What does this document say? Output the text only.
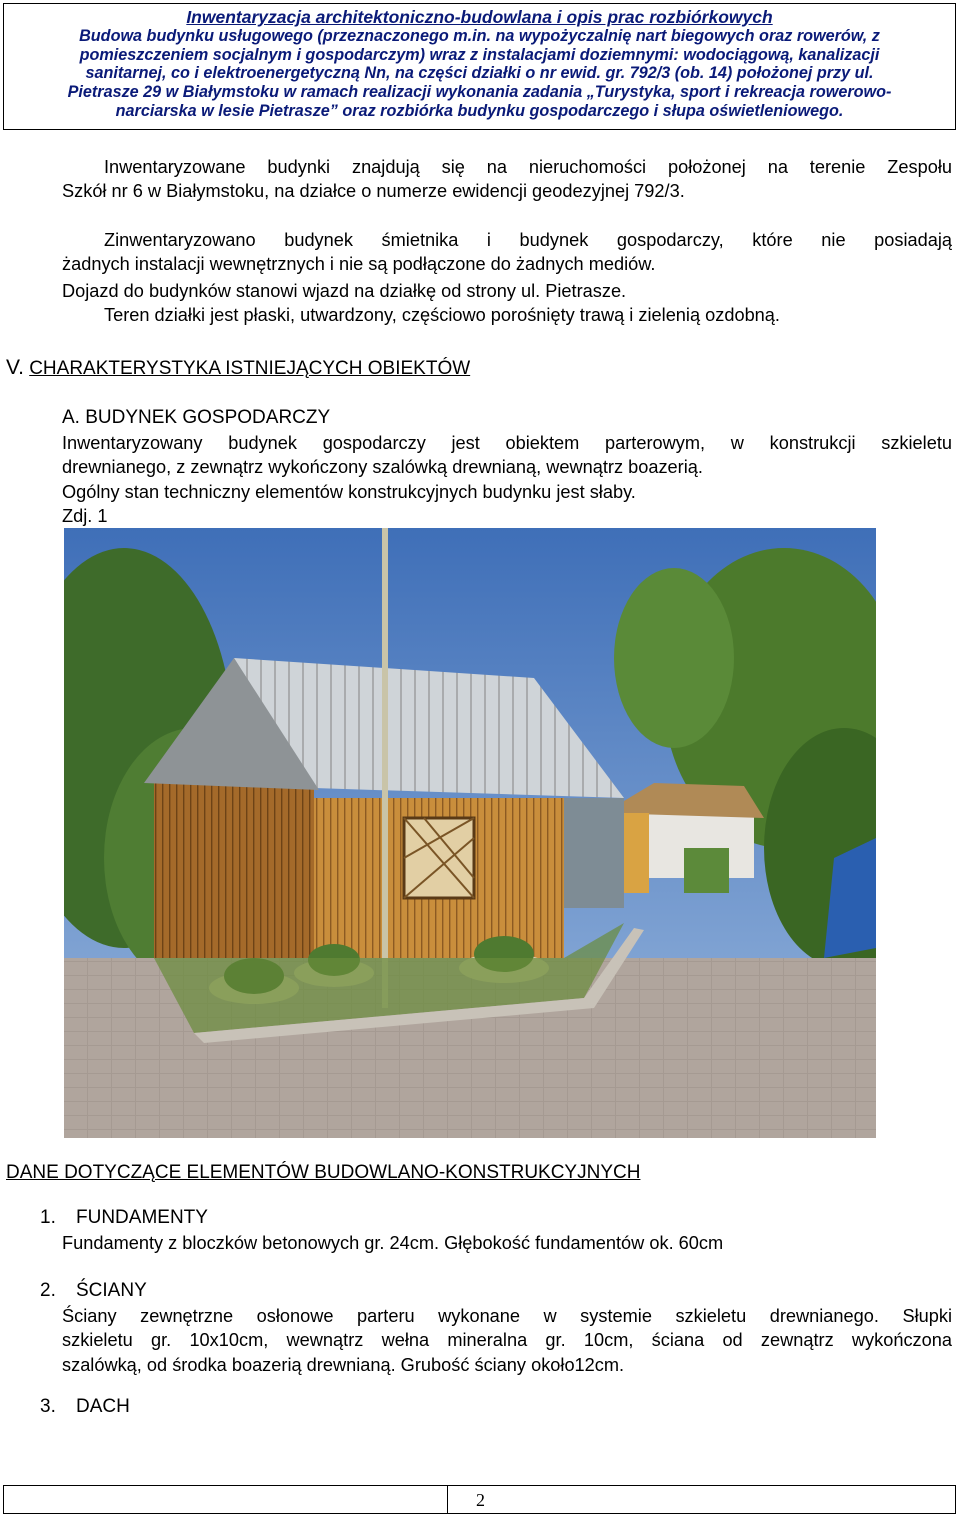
Inwentaryzacja architektoniczno-budowlana i opis prac rozbiórkowych
Budowa budynku usługowego (przeznaczonego m.in. na wypożyczalnię nart biegowych oraz rowerów, z
pomieszczeniem socjalnym i gospodarczym) wraz z instalacjami doziemnymi: wodociągową, kanalizacji
sanitarnej, co i elektroenergetyczną Nn, na części działki o nr ewid. gr. 792/3 (ob. 14) położonej przy ul.
Pietrasze 29 w Białymstoku w ramach realizacji wykonania zadania „Turystyka, sport i rekreacja rowerowo-
narciarska w lesie Pietrasze” oraz rozbiórka budynku gospodarczego i słupa oświetleniowego.
Inwentaryzowane budynki znajdują się na nieruchomości położonej na terenie Zespołu
Szkół nr 6 w Białymstoku, na działce o numerze ewidencji geodezyjnej 792/3.
Zinwentaryzowano budynek śmietnika i budynek gospodarczy, które nie posiadają
żadnych instalacji wewnętrznych i nie są podłączone do żadnych mediów.
Dojazd do budynków stanowi wjazd na działkę od strony ul. Pietrasze.
Teren działki jest płaski, utwardzony, częściowo porośnięty trawą i zielenią ozdobną.
V. CHARAKTERYSTYKA ISTNIEJĄCYCH OBIEKTÓW
A. BUDYNEK GOSPODARCZY
Inwentaryzowany budynek gospodarczy jest obiektem parterowym, w konstrukcji szkieletu
drewnianego, z zewnątrz wykończony szalówką drewnianą, wewnątrz boazerią.
Ogólny stan techniczny elementów konstrukcyjnych budynku jest słaby.
Zdj. 1
DANE DOTYCZĄCE ELEMENTÓW BUDOWLANO-KONSTRUKCYJNYCH
1. FUNDAMENTY
Fundamenty z bloczków betonowych gr. 24cm. Głębokość fundamentów ok. 60cm
2. ŚCIANY
Ściany zewnętrzne osłonowe parteru wykonane w systemie szkieletu drewnianego. Słupki
szkieletu gr. 10x10cm, wewnątrz wełna mineralna gr. 10cm, ściana od zewnątrz wykończona
szalówką, od środka boazerią drewnianą. Grubość ściany około12cm.
3. DACH
2
